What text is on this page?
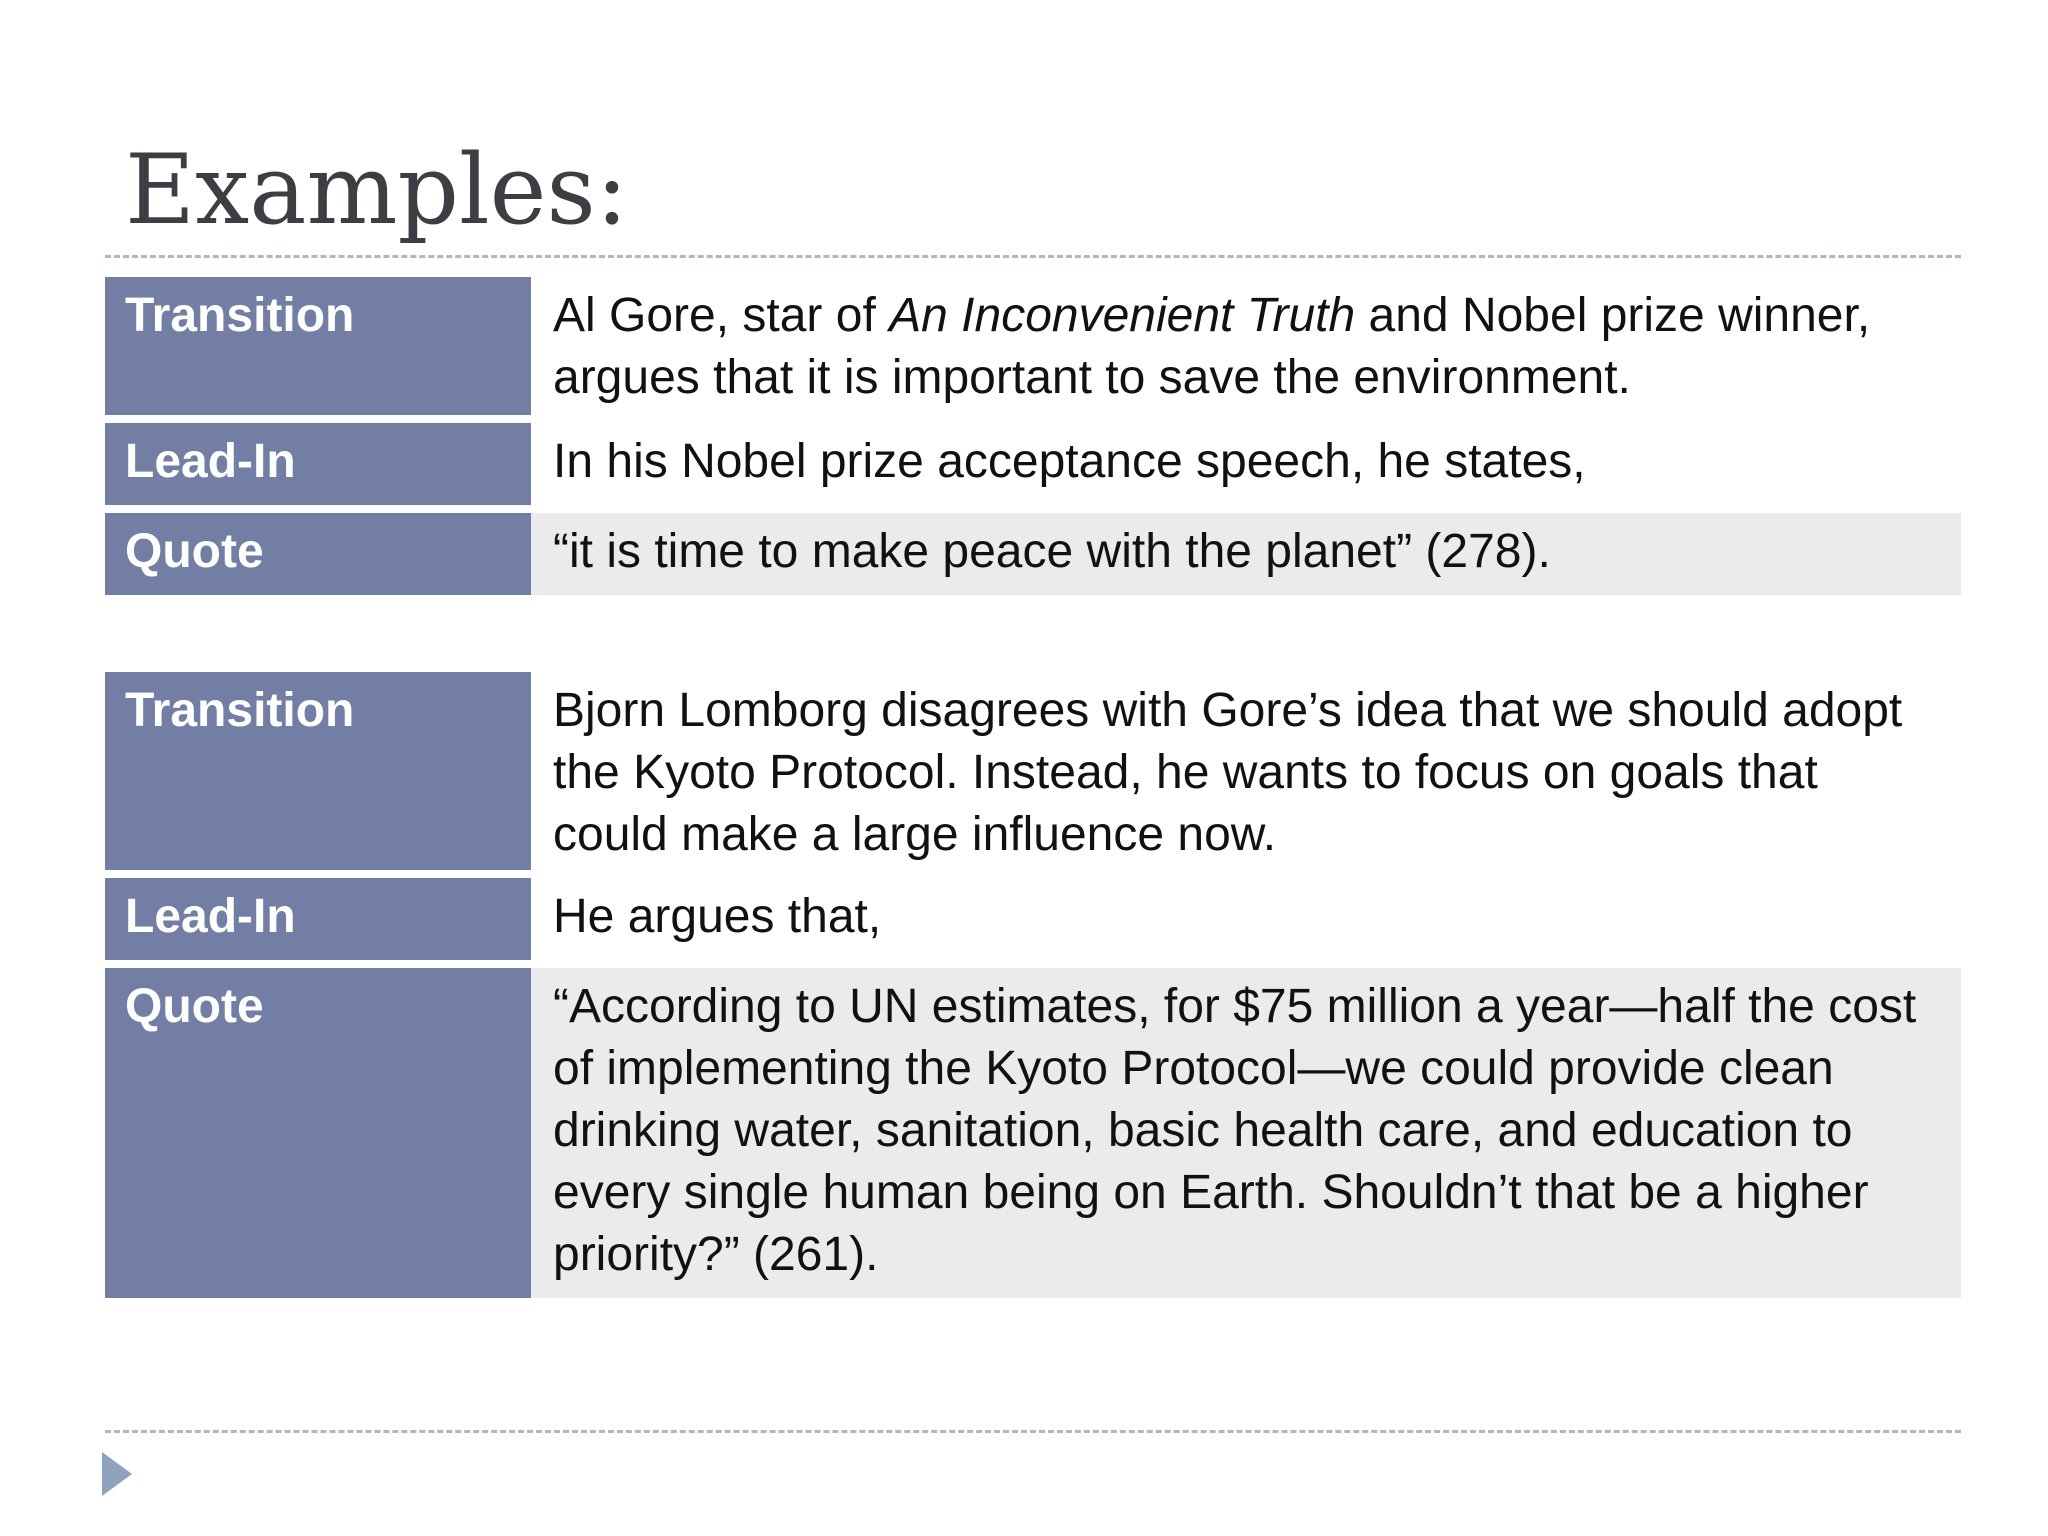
Examples:
Transition	Al Gore, star of An Inconvenient Truth and Nobel prize winner, argues that it is important to save the environment.
Lead-In	In his Nobel prize acceptance speech, he states,
Quote	“it is time to make peace with the planet” (278).
Transition	Bjorn Lomborg disagrees with Gore’s idea that we should adopt the Kyoto Protocol. Instead, he wants to focus on goals that could make a large influence now.
Lead-In	He argues that,
Quote	“According to UN estimates, for $75 million a year—half the cost of implementing the Kyoto Protocol—we could provide clean drinking water, sanitation, basic health care, and education to every single human being on Earth. Shouldn’t that be a higher priority?” (261).
